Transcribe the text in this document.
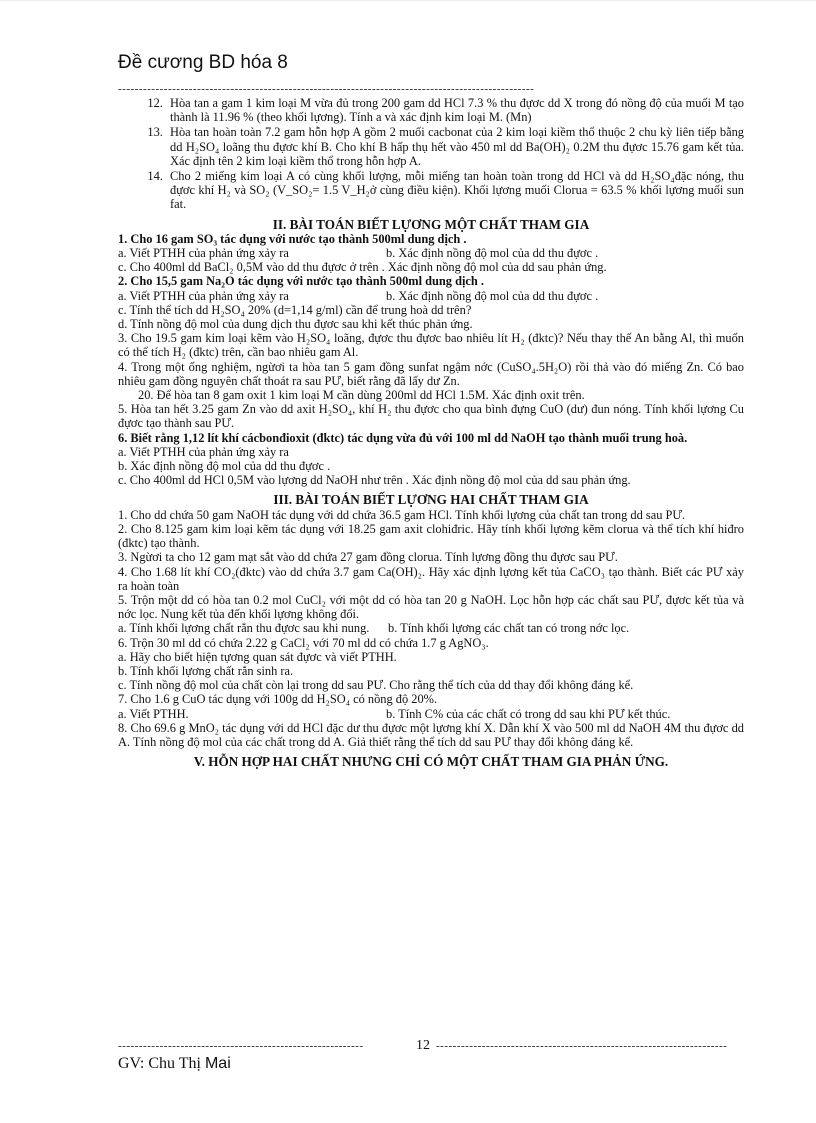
Đề cương BD hóa 8
----------------------------------------------------------------------------------------------------
12. Hòa tan a gam 1 kim loại M vừa đủ trong 200 gam dd HCl 7.3 % thu đựơc dd X trong đó nồng độ của muối M tạo thành là 11.96 % (theo khối lựơng). Tính a và xác định kim loại M. (Mn)
13. Hòa tan hoàn toàn 7.2 gam hỗn hợp A gồm 2 muối cacbonat của 2 kim loại kiềm thổ thuộc 2 chu kỳ liên tiếp bằng dd H₂SO₄ loãng thu đựơc khí B. Cho khí B hấp thụ hết vào 450 ml dd Ba(OH)₂ 0.2M thu đựơc 15.76 gam kết tủa. Xác định tên 2 kim loại kiềm thổ trong hỗn hợp A.
14. Cho 2 miếng kim loại A có cùng khối lượng, mỗi miếng tan hoàn toàn trong dd HCl và dd H₂SO₄đặc nóng, thu đựơc khí H₂ và SO₂ (V_SO₂= 1.5 V_H₂ở cùng điều kiện). Khối lựơng muối Clorua = 63.5 % khối lựơng muối sun fat.
II. BÀI TOÁN BIẾT LỰƠNG MỘT CHẤT THAM GIA

1. Cho 16 gam SO₃ tác dụng với nước tạo thành 500ml dung dịch .

a. Viết PTHH của phản ứng xảy ra	b. Xác định nồng độ mol của dd thu đựơc .

c. Cho 400ml dd BaCl₂ 0,5M vào dd thu đựơc ở trên . Xác định nồng độ mol của dd sau phản ứng.

2. Cho 15,5 gam Na₂O tác dụng với nước tạo thành 500ml dung dịch .

a. Viết PTHH của phản ứng xảy ra	b. Xác định nồng độ mol của dd thu đựơc .

c. Tính thể tích dd H₂SO₄ 20% (d=1,14 g/ml) cần để trung hoà dd trên?

d. Tính nồng độ mol của dung dịch thu đựơc sau khi kết thúc phản ứng.

3. Cho 19.5 gam kim loại kẽm vào H₂SO₄ loãng, đựơc thu đựơc bao nhiêu lít H₂ (đktc)? Nếu thay thế An bằng Al, thì muốn có thể tích H₂ (đktc) trên, cần bao nhiêu gam Al.

4. Trong một ống nghiệm, ngừơi ta hòa tan 5 gam đồng sunfat ngậm nớc (CuSO₄.5H₂O) rồi thả vào đó miếng Zn. Có bao nhiêu gam đồng nguyên chất thoát ra sau PƯ, biết rằng đã lấy dư Zn.

20. Để hòa tan 8 gam oxit 1 kim loại M cần dùng 200ml dd HCl 1.5M. Xác định oxit trên.

5. Hòa tan hết 3.25 gam Zn vào dd axit H₂SO₄, khí H₂ thu đựơc cho qua bình đựng CuO (dư) đun nóng. Tính khối lựơng Cu đựơc tạo thành sau PƯ.

6. Biết rằng 1,12 lít khí cácbonđioxit (đktc) tác dụng vừa đủ với 100 ml dd NaOH tạo thành muối trung hoà.

a. Viết PTHH của phản ứng xảy ra

b. Xác định nồng độ mol của dd thu đựơc .

c. Cho 400ml dd HCl 0,5M vào lựơng dd NaOH như trên . Xác định nồng độ mol của dd sau phản ứng.

III. BÀI TOÁN BIẾT LỰƠNG HAI CHẤT THAM GIA

1. Cho dd chứa 50 gam NaOH tác dụng với dd chứa 36.5 gam HCl. Tính khối lựơng của chất tan trong dd sau PƯ.

2. Cho 8.125 gam kim loại kẽm tác dụng với 18.25 gam axit clohiđric. Hãy tính khối lựơng kẽm clorua và thể tích khí hiđro (đktc) tạo thành.

3. Ngừơi ta cho 12 gam mạt sắt vào dd chứa 27 gam đồng clorua. Tính lựơng đồng thu đựơc sau PƯ.

4. Cho 1.68 lít khí CO₂(đktc) vào dd chứa 3.7 gam Ca(OH)₂. Hãy xác định lựơng kết tủa CaCO₃ tạo thành. Biết các PƯ xảy ra hoàn toàn

5. Trộn một dd có hòa tan 0.2 mol CuCl₂ với một dd có hòa tan 20 g NaOH. Lọc hỗn hợp các chất sau PƯ, đựơc kết tủa và nớc lọc. Nung kết tủa đến khối lựơng không đổi.

a. Tính khối lựơng chất rắn thu đựơc sau khi nung.	b. Tính khối lựơng các chất tan có trong nớc lọc.

6. Trộn 30 ml dd có chứa 2.22 g CaCl₂ với 70 ml dd có chứa 1.7 g AgNO₃.

a. Hãy cho biết hiện tựơng quan sát đựơc và viết PTHH.

b. Tính khối lựơng chất rắn sinh ra.

c. Tính nồng độ mol của chất còn lại trong dd sau PƯ. Cho rằng thể tích của dd thay đổi không đáng kể.

7. Cho 1.6 g CuO tác dụng với 100g dd H₂SO₄ có nồng độ 20%.

a. Viết PTHH.	b. Tính C% của các chất có trong dd sau khi PƯ kết thúc.

8. Cho 69.6 g MnO₂ tác dụng với dd HCl đặc dư thu đựơc một lựơng khí X. Dẫn khí X vào 500 ml dd NaOH 4M thu đựơc dd A. Tính nồng độ mol của các chất trong dd A. Giả thiết rằng thể tích dd sau PƯ thay đổi không đáng kể.

V. HỖN HỢP HAI CHẤT NHƯNG CHỈ CÓ MỘT CHẤT THAM GIA PHẢN ỨNG.
-----------------------------------------------------------	12 ----------------------------------------------------------------------
GV: Chu Thị Mai
